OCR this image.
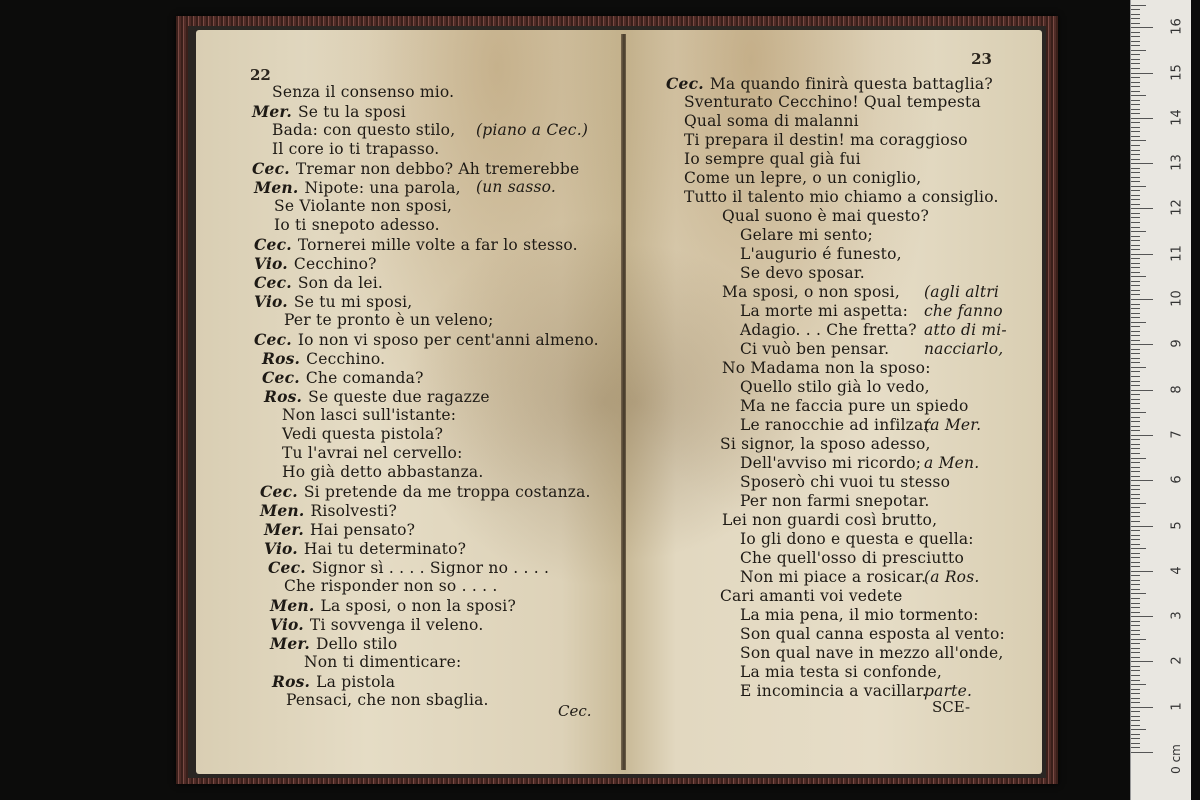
22
Senza il consenso mio.
Mer. Se tu la sposi
Bada: con questo stilo, (piano a Cec.)
Il core io ti trapasso.
Cec. Tremar non debbo? Ah tremerebbe
Men. Nipote: una parola, (un sasso.
Se Violante non sposi,
Io ti snepoto adesso.
Cec. Tornerei mille volte a far lo stesso.
Vio. Cecchino?
Cec. Son da lei.
Vio. Se tu mi sposi,
Per te pronto è un veleno;
Cec. Io non vi sposo per cent'anni almeno.
Ros. Cecchino.
Cec. Che comanda?
Ros. Se queste due ragazze
Non lasci sull'istante:
Vedi questa pistola?
Tu l'avrai nel cervello:
Ho già detto abbastanza.
Cec. Si pretende da me troppa costanza.
Men. Risolvesti?
Mer. Hai pensato?
Vio. Hai tu determinato?
Cec. Signor sì . . . . Signor no . . . .
Che risponder non so . . . .
Men. La sposi, o non la sposi?
Vio. Ti sovvenga il veleno.
Mer. Dello stilo
Non ti dimenticare:
Ros. La pistola
Pensaci, che non sbaglia.
Cec.
23
Cec. Ma quando finirà questa battaglia?
Sventurato Cecchino! Qual tempesta
Qual soma di malanni
Ti prepara il destin! ma coraggioso
Io sempre qual già fui
Come un lepre, o un coniglio,
Tutto il talento mio chiamo a consiglio.
Qual suono è mai questo?
Gelare mi sento;
L'augurio é funesto,
Se devo sposar.
Ma sposi, o non sposi, (agli altri
La morte mi aspetta: che fanno
Adagio. . . Che fretta? atto di mi-
Ci vuò ben pensar. nacciarlo,
No Madama non la sposo:
Quello stilo già lo vedo,
Ma ne faccia pure un spiedo
Le ranocchie ad infilzar.
(a Mer.
Si signor, la sposo adesso,
Dell'avviso mi ricordo; a Men.
Sposerò chi vuoi tu stesso
Per non farmi snepotar.
Lei non guardi così brutto,
Io gli dono e questa e quella:
Che quell'osso di presciutto
Non mi piace a rosicar.
(a Ros.
Cari amanti voi vedete
La mia pena, il mio tormento:
Son qual canna esposta al vento:
Son qual nave in mezzo all'onde,
La mia testa si confonde,
E incomincia a vacillar.
parte.
SCE-
0 cm
1
2
3
4
5
6
7
8
9
10
11
12
13
14
15
16
